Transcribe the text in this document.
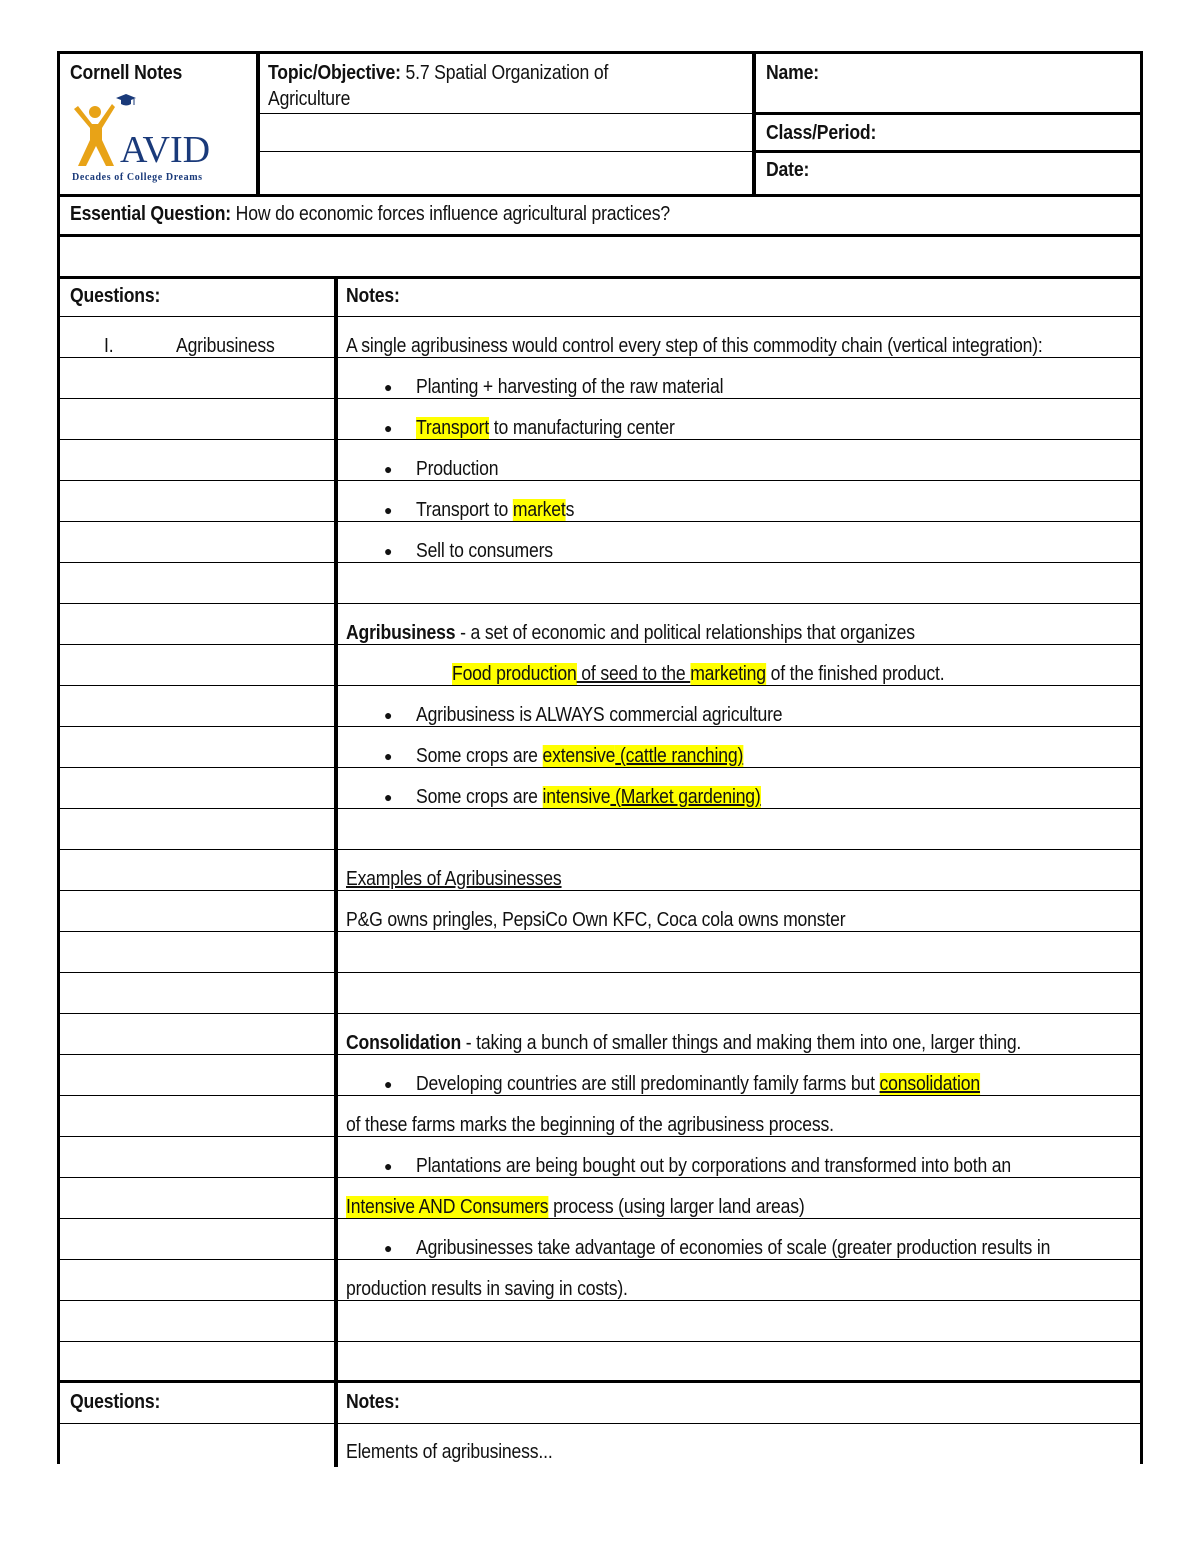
Cornell Notes
AVID
Decades of College Dreams
Topic/Objective: 5.7 Spatial Organization of
Agriculture
Name:
Class/Period:
Date:
Essential Question: How do economic forces influence agricultural practices?
Questions:	Notes:
I.	Agribusiness	A single agribusiness would control every step of this commodity chain (vertical integration):
● Planting + harvesting of the raw material
● Transport to manufacturing center
● Production
● Transport to markets
● Sell to consumers
Agribusiness - a set of economic and political relationships that organizes
Food production of seed to the marketing of the finished product.
● Agribusiness is ALWAYS commercial agriculture
● Some crops are extensive (cattle ranching)
● Some crops are intensive (Market gardening)
Examples of Agribusinesses
P&G owns pringles, PepsiCo Own KFC, Coca cola owns monster
Consolidation - taking a bunch of smaller things and making them into one, larger thing.
● Developing countries are still predominantly family farms but consolidation
of these farms marks the beginning of the agribusiness process.
● Plantations are being bought out by corporations and transformed into both an
Intensive AND Consumers process (using larger land areas)
● Agribusinesses take advantage of economies of scale (greater production results in
production results in saving in costs).
Questions:	Notes:
Elements of agribusiness...
